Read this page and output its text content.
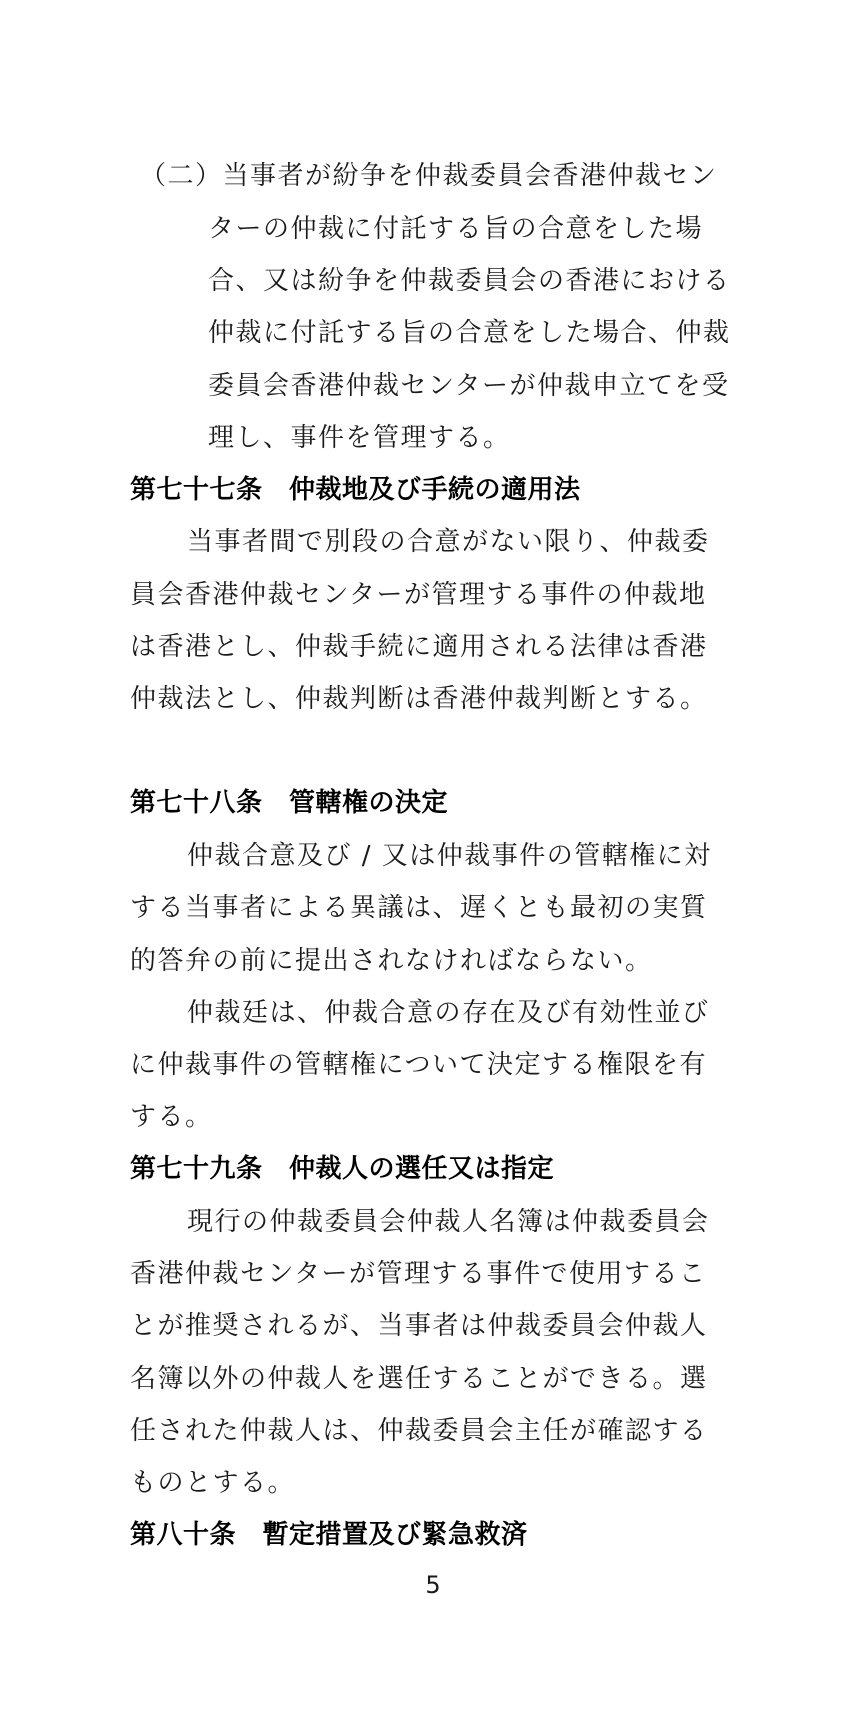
（二）当事者が紛争を仲裁委員会香港仲裁セン
ターの仲裁に付託する旨の合意をした場
合、又は紛争を仲裁委員会の香港における
仲裁に付託する旨の合意をした場合、仲裁
委員会香港仲裁センターが仲裁申立てを受
理し、事件を管理する。
第七十七条　仲裁地及び手続の適用法
当事者間で別段の合意がない限り、仲裁委
員会香港仲裁センターが管理する事件の仲裁地
は香港とし、仲裁手続に適用される法律は香港
仲裁法とし、仲裁判断は香港仲裁判断とする。
第七十八条　管轄権の決定
仲裁合意及び / 又は仲裁事件の管轄権に対
する当事者による異議は、遅くとも最初の実質
的答弁の前に提出されなければならない。
仲裁廷は、仲裁合意の存在及び有効性並び
に仲裁事件の管轄権について決定する権限を有
する。
第七十九条　仲裁人の選任又は指定
現行の仲裁委員会仲裁人名簿は仲裁委員会
香港仲裁センターが管理する事件で使用するこ
とが推奨されるが、当事者は仲裁委員会仲裁人
名簿以外の仲裁人を選任することができる。選
任された仲裁人は、仲裁委員会主任が確認する
ものとする。
第八十条　暫定措置及び緊急救済
5
